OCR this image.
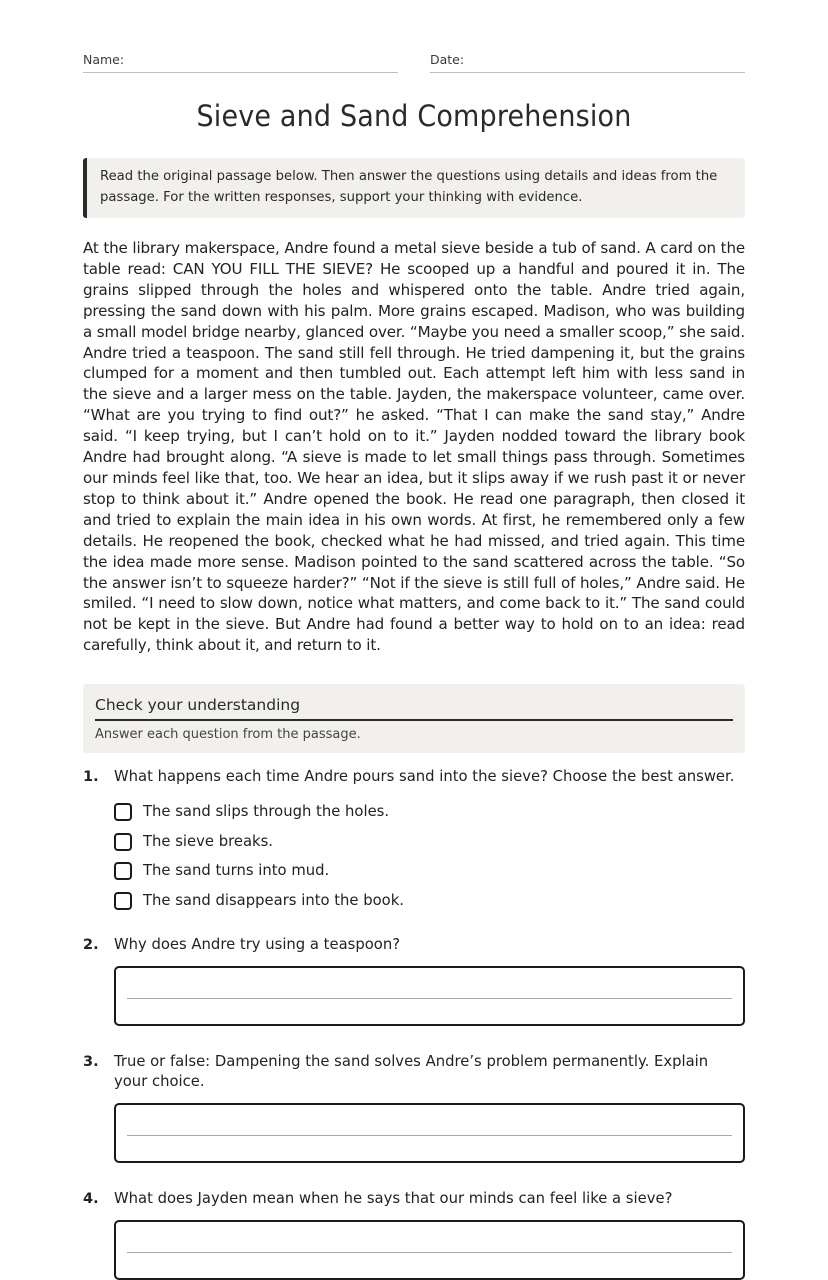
Name:	Date:
Sieve and Sand Comprehension
Read the original passage below. Then answer the questions using details and ideas from the passage. For the written responses, support your thinking with evidence.
At the library makerspace, Andre found a metal sieve beside a tub of sand. A card on the table read: CAN YOU FILL THE SIEVE? He scooped up a handful and poured it in. The grains slipped through the holes and whispered onto the table. Andre tried again, pressing the sand down with his palm. More grains escaped. Madison, who was building a small model bridge nearby, glanced over. “Maybe you need a smaller scoop,” she said. Andre tried a teaspoon. The sand still fell through. He tried dampening it, but the grains clumped for a moment and then tumbled out. Each attempt left him with less sand in the sieve and a larger mess on the table. Jayden, the makerspace volunteer, came over. “What are you trying to find out?” he asked. “That I can make the sand stay,” Andre said. “I keep trying, but I can’t hold on to it.” Jayden nodded toward the library book Andre had brought along. “A sieve is made to let small things pass through. Sometimes our minds feel like that, too. We hear an idea, but it slips away if we rush past it or never stop to think about it.” Andre opened the book. He read one paragraph, then closed it and tried to explain the main idea in his own words. At first, he remembered only a few details. He reopened the book, checked what he had missed, and tried again. This time the idea made more sense. Madison pointed to the sand scattered across the table. “So the answer isn’t to squeeze harder?” “Not if the sieve is still full of holes,” Andre said. He smiled. “I need to slow down, notice what matters, and come back to it.” The sand could not be kept in the sieve. But Andre had found a better way to hold on to an idea: read carefully, think about it, and return to it.
Check your understanding
Answer each question from the passage.
1. What happens each time Andre pours sand into the sieve? Choose the best answer.
The sand slips through the holes.
The sieve breaks.
The sand turns into mud.
The sand disappears into the book.
2. Why does Andre try using a teaspoon?
3. True or false: Dampening the sand solves Andre’s problem permanently. Explain your choice.
4. What does Jayden mean when he says that our minds can feel like a sieve?
